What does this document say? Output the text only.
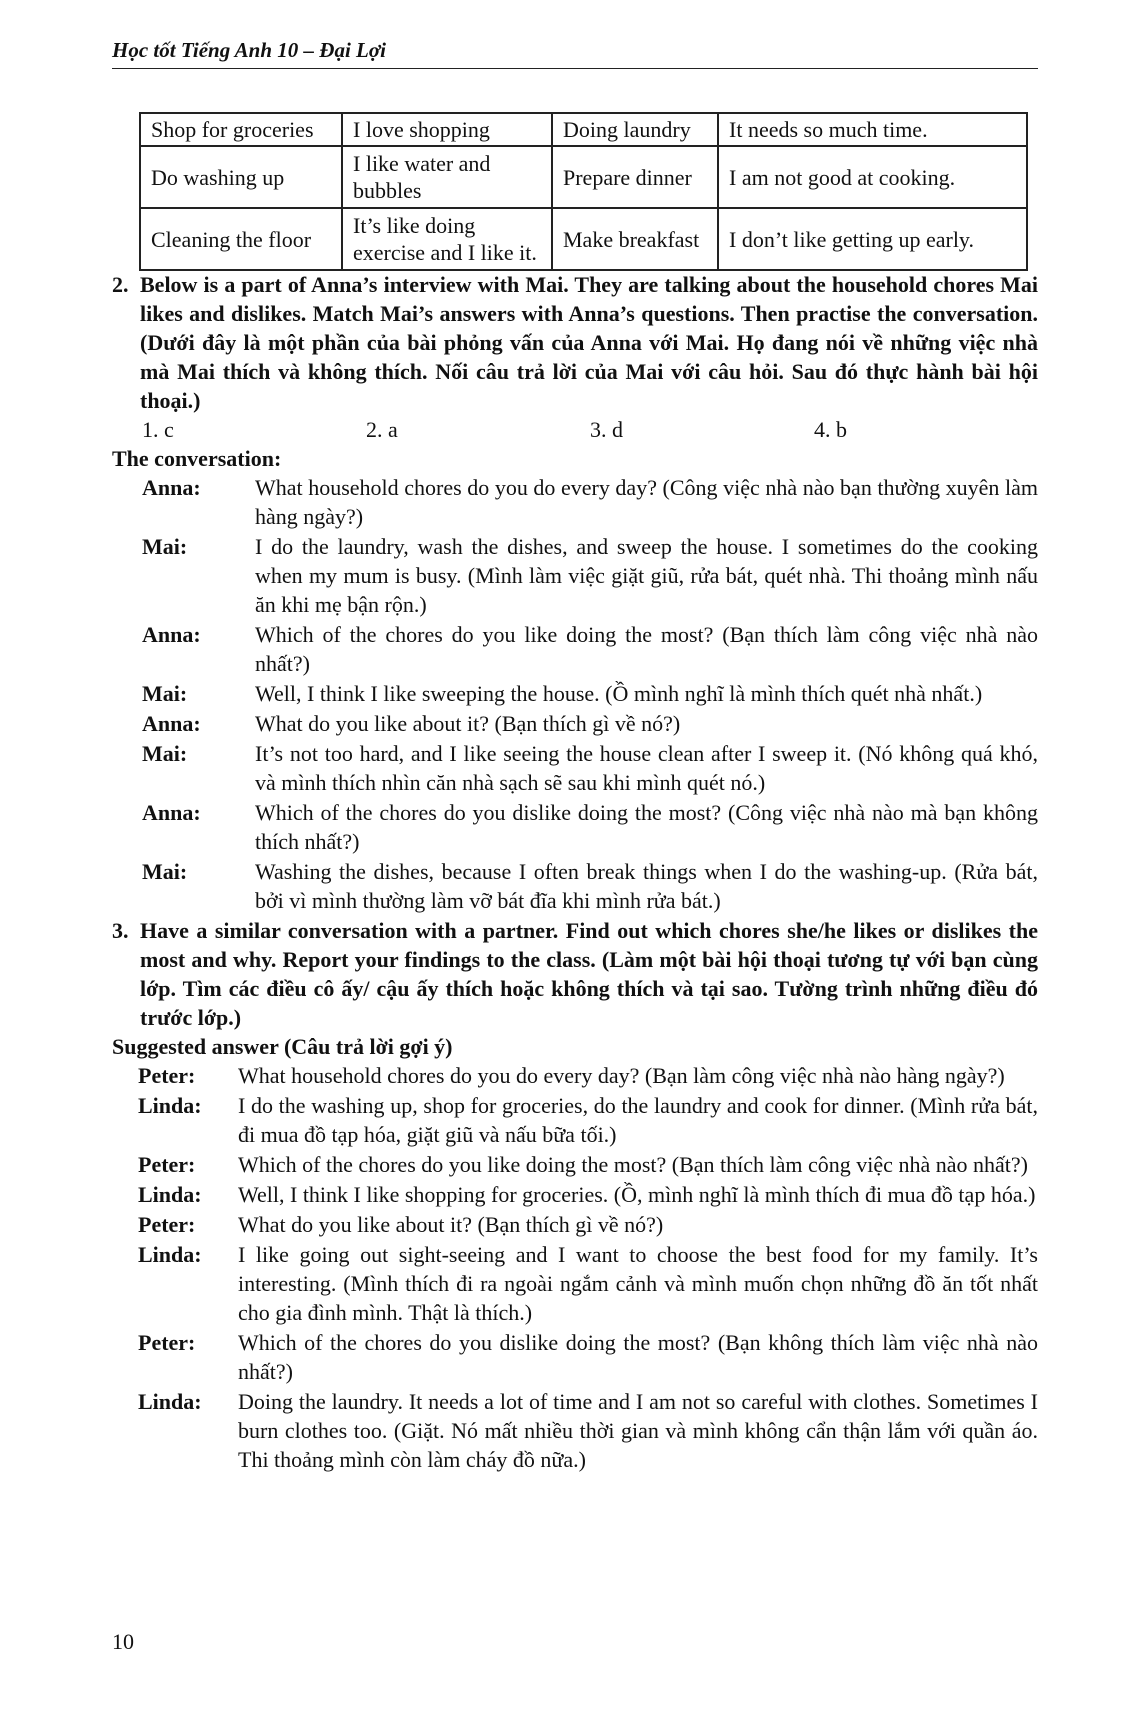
Học tốt Tiếng Anh 10 – Đại Lợi
Shop for groceries	I love shopping	Doing laundry	It needs so much time.
Do washing up	I like water and bubbles	Prepare dinner	I am not good at cooking.
Cleaning the floor	It’s like doing exercise and I like it.	Make breakfast	I don’t like getting up early.
2. Below is a part of Anna’s interview with Mai. They are talking about the household chores Mai likes and dislikes. Match Mai’s answers with Anna’s questions. Then practise the conversation. (Dưới đây là một phần của bài phỏng vấn của Anna với Mai. Họ đang nói về những việc nhà mà Mai thích và không thích. Nối câu trả lời của Mai với câu hỏi. Sau đó thực hành bài hội thoại.)
1. c	2. a	3. d	4. b
The conversation:
Anna:	What household chores do you do every day? (Công việc nhà nào bạn thường xuyên làm hàng ngày?)
Mai:	I do the laundry, wash the dishes, and sweep the house. I sometimes do the cooking when my mum is busy. (Mình làm việc giặt giũ, rửa bát, quét nhà. Thi thoảng mình nấu ăn khi mẹ bận rộn.)
Anna:	Which of the chores do you like doing the most? (Bạn thích làm công việc nhà nào nhất?)
Mai:	Well, I think I like sweeping the house. (Ồ mình nghĩ là mình thích quét nhà nhất.)
Anna:	What do you like about it? (Bạn thích gì về nó?)
Mai:	It’s not too hard, and I like seeing the house clean after I sweep it. (Nó không quá khó, và mình thích nhìn căn nhà sạch sẽ sau khi mình quét nó.)
Anna:	Which of the chores do you dislike doing the most? (Công việc nhà nào mà bạn không thích nhất?)
Mai:	Washing the dishes, because I often break things when I do the washing-up. (Rửa bát, bởi vì mình thường làm vỡ bát đĩa khi mình rửa bát.)
3. Have a similar conversation with a partner. Find out which chores she/he likes or dislikes the most and why. Report your findings to the class. (Làm một bài hội thoại tương tự với bạn cùng lớp. Tìm các điều cô ấy/ cậu ấy thích hoặc không thích và tại sao. Tường trình những điều đó trước lớp.)
Suggested answer (Câu trả lời gợi ý)
Peter:	What household chores do you do every day? (Bạn làm công việc nhà nào hàng ngày?)
Linda:	I do the washing up, shop for groceries, do the laundry and cook for dinner. (Mình rửa bát, đi mua đồ tạp hóa, giặt giũ và nấu bữa tối.)
Peter:	Which of the chores do you like doing the most? (Bạn thích làm công việc nhà nào nhất?)
Linda:	Well, I think I like shopping for groceries. (Ồ, mình nghĩ là mình thích đi mua đồ tạp hóa.)
Peter:	What do you like about it? (Bạn thích gì về nó?)
Linda:	I like going out sight-seeing and I want to choose the best food for my family. It’s interesting. (Mình thích đi ra ngoài ngắm cảnh và mình muốn chọn những đồ ăn tốt nhất cho gia đình mình. Thật là thích.)
Peter:	Which of the chores do you dislike doing the most? (Bạn không thích làm việc nhà nào nhất?)
Linda:	Doing the laundry. It needs a lot of time and I am not so careful with clothes. Sometimes I burn clothes too. (Giặt. Nó mất nhiều thời gian và mình không cẩn thận lắm với quần áo. Thi thoảng mình còn làm cháy đồ nữa.)
10
